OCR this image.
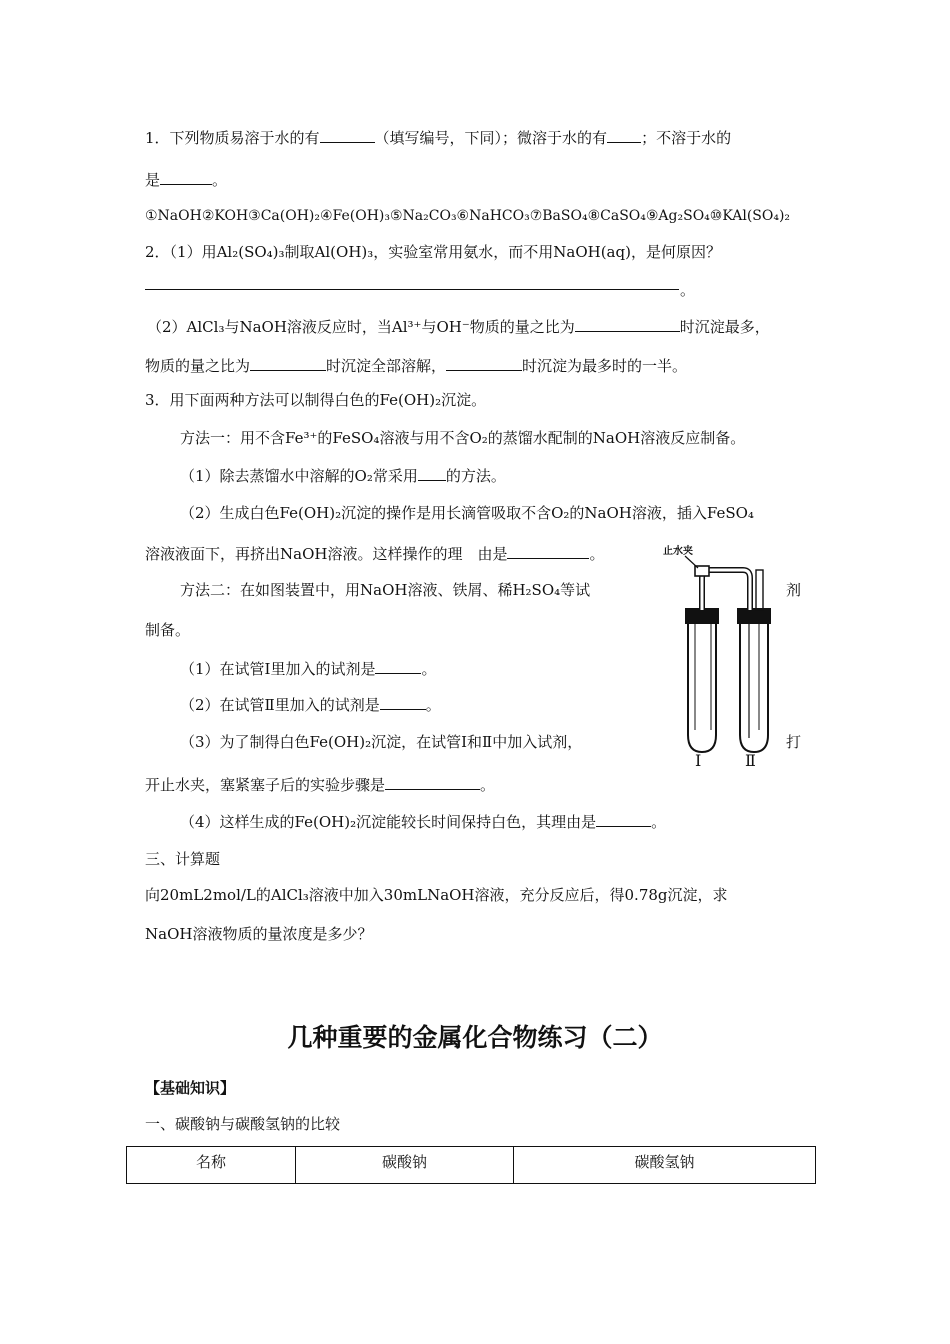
1．下列物质易溶于水的有	（填写编号，下同）；微溶于水的有 ；不溶于水的
是	。
①NaOH②KOH③Ca(OH)₂④Fe(OH)₃⑤Na₂CO₃⑥NaHCO₃⑦BaSO₄⑧CaSO₄⑨Ag₂SO₄⑩KAl(SO₄)₂
2．（1）用Al₂(SO₄)₃制取Al(OH)₃，实验室常用氨水，而不用NaOH(aq)，是何原因？
。
（2）AlCl₃与NaOH溶液反应时，当Al³⁺与OH⁻物质的量之比为	时沉淀最多，
物质的量之比为	时沉淀全部溶解，	时沉淀为最多时的一半。
3．用下面两种方法可以制得白色的Fe(OH)₂沉淀。
方法一：用不含Fe³⁺的FeSO₄溶液与用不含O₂的蒸馏水配制的NaOH溶液反应制备。
（1）除去蒸馏水中溶解的O₂常采用 的方法。
（2）生成白色Fe(OH)₂沉淀的操作是用长滴管吸取不含O₂的NaOH溶液，插入FeSO₄
溶液液面下，再挤出NaOH溶液。这样操作的理　由是	。
方法二：在如图装置中，用NaOH溶液、铁屑、稀H₂SO₄等试	剂
制备。
（1）在试管Ⅰ里加入的试剂是	。
（2）在试管Ⅱ里加入的试剂是	。
（3）为了制得白色Fe(OH)₂沉淀，在试管Ⅰ和Ⅱ中加入试剂，	打
开止水夹，塞紧塞子后的实验步骤是	。
（4）这样生成的Fe(OH)₂沉淀能较长时间保持白色，其理由是	。
止水夹
Ⅰ	Ⅱ
三、计算题
向20mL2mol/L的AlCl₃溶液中加入30mLNaOH溶液，充分反应后，得0.78g沉淀，求
NaOH溶液物质的量浓度是多少？
几种重要的金属化合物练习（二）
【基础知识】
一、碳酸钠与碳酸氢钠的比较
名称	碳酸钠	碳酸氢钠
